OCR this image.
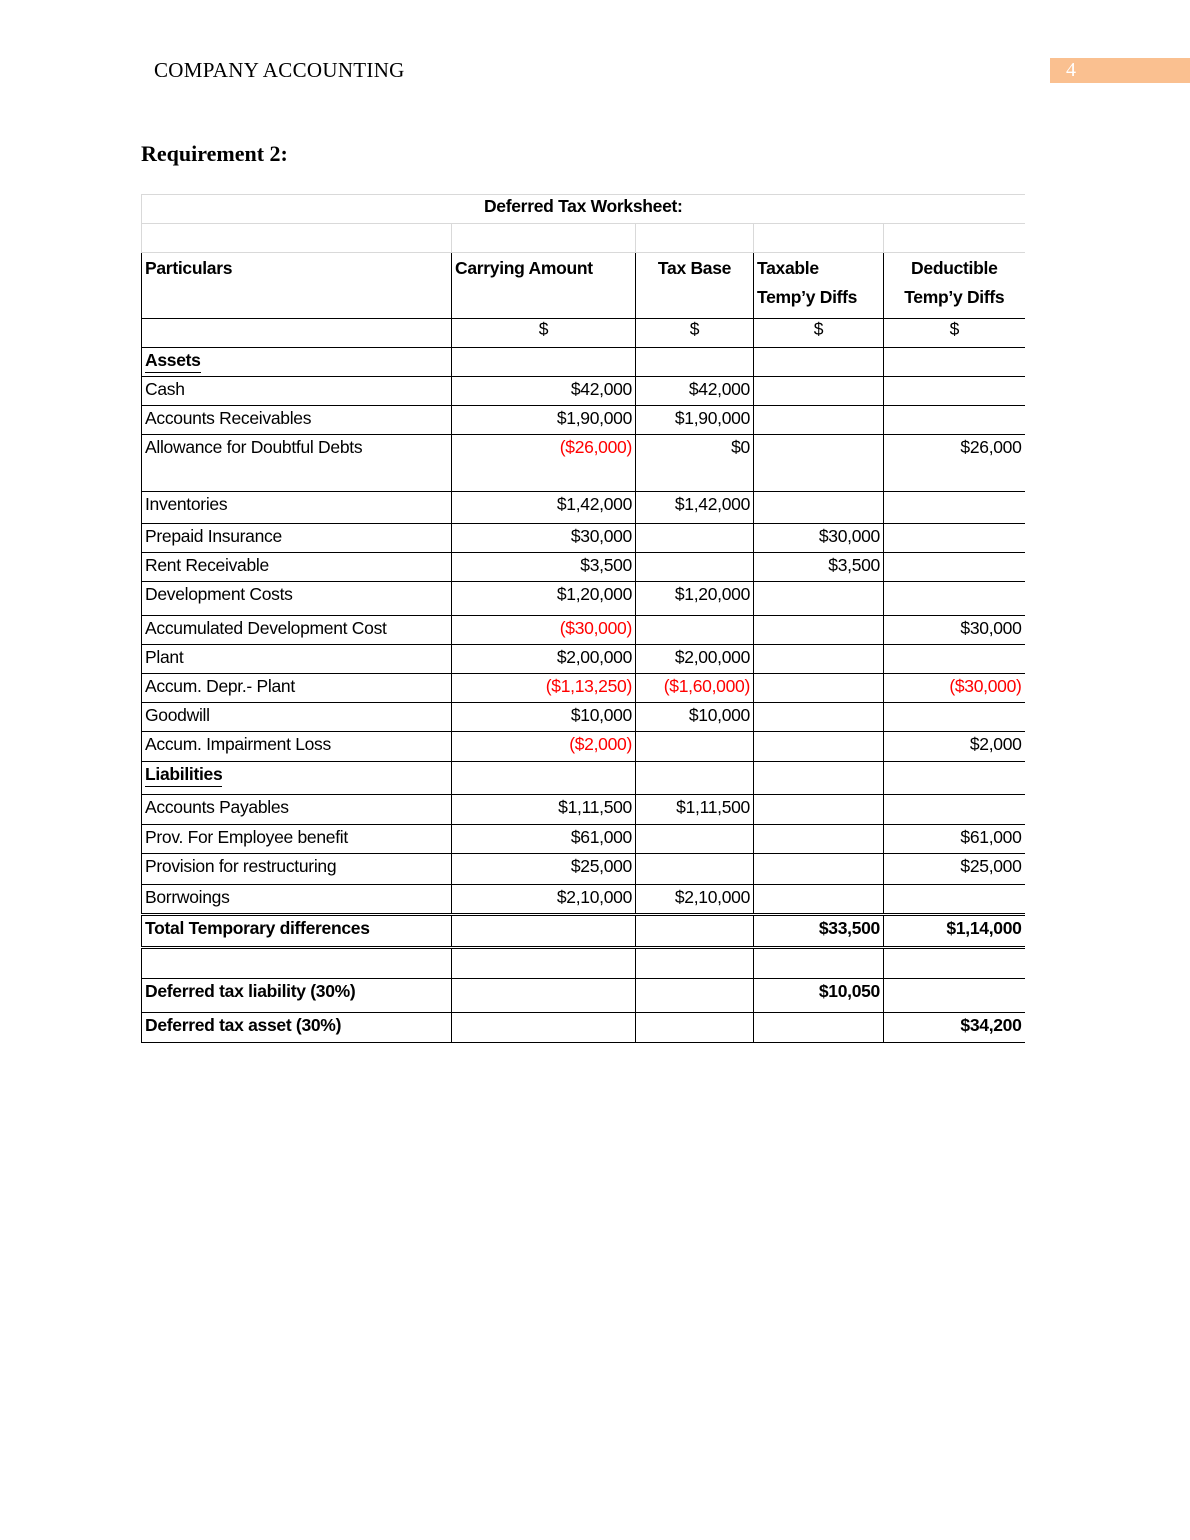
COMPANY ACCOUNTING	4
Requirement 2:
Deferred Tax Worksheet:				

Particulars	Carrying Amount	Tax Base	Taxable Temp’y Diffs	Deductible Temp’y Diffs
	$	$	$	$
Assets				
Cash	$42,000	$42,000		
Accounts Receivables	$1,90,000	$1,90,000		
Allowance for Doubtful Debts	($26,000)	$0		$26,000
Inventories	$1,42,000	$1,42,000		
Prepaid Insurance	$30,000		$30,000	
Rent Receivable	$3,500		$3,500	
Development Costs	$1,20,000	$1,20,000		
Accumulated Development Cost	($30,000)			$30,000
Plant	$2,00,000	$2,00,000		
Accum. Depr.- Plant	($1,13,250)	($1,60,000)		($30,000)
Goodwill	$10,000	$10,000		
Accum. Impairment Loss	($2,000)			$2,000
Liabilities				
Accounts Payables	$1,11,500	$1,11,500		
Prov. For Employee benefit	$61,000			$61,000
Provision for restructuring	$25,000			$25,000
Borrwoings	$2,10,000	$2,10,000		
Total Temporary differences			$33,500	$1,14,000

Deferred tax liability (30%)			$10,050	
Deferred tax asset (30%)				$34,200
